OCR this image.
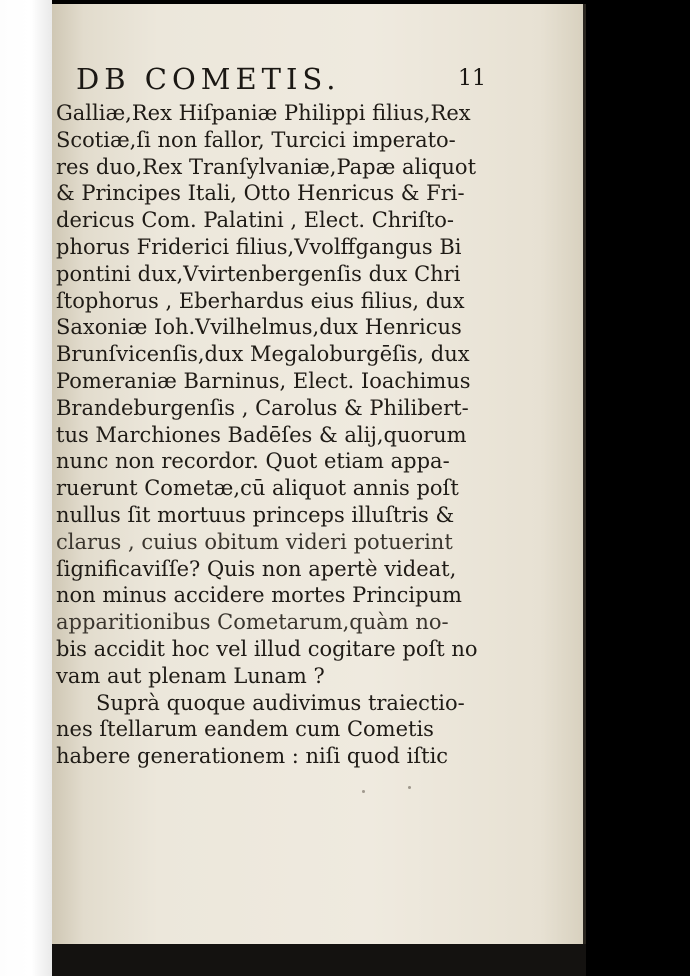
DB COMETIS.	11
Galliæ,Rex Hiſpaniæ Philippi filius,Rex
Scotiæ,ſi non fallor, Turcici imperato-
res duo,Rex Tranſylvaniæ,Papæ aliquot
& Principes Itali, Otto Henricus & Fri-
dericus Com. Palatini , Elect. Chriſto-
phorus Friderici filius,Vvolffgangus Bi
pontini dux,Vvirtenbergenſis dux Chri
ſtophorus , Eberhardus eius filius, dux
Saxoniæ Ioh.Vvilhelmus,dux Henricus
Brunſvicenſis,dux Megaloburgēſis, dux
Pomeraniæ Barninus, Elect. Ioachimus
Brandeburgenſis , Carolus & Philibert-
tus Marchiones Badēſes & alij,quorum
nunc non recordor. Quot etiam appa-
ruerunt Cometæ,cū aliquot annis poſt
nullus ſit mortuus princeps illuſtris &
clarus , cuius obitum videri potuerint
ſignificaviſſe? Quis non apertè videat,
non minus accidere mortes Principum
apparitionibus Cometarum,quàm no-
bis accidit hoc vel illud cogitare poſt no
vam aut plenam Lunam ?
Suprà quoque audivimus traiectio-
nes ſtellarum eandem cum Cometis
habere generationem : niſi quod iſtic
